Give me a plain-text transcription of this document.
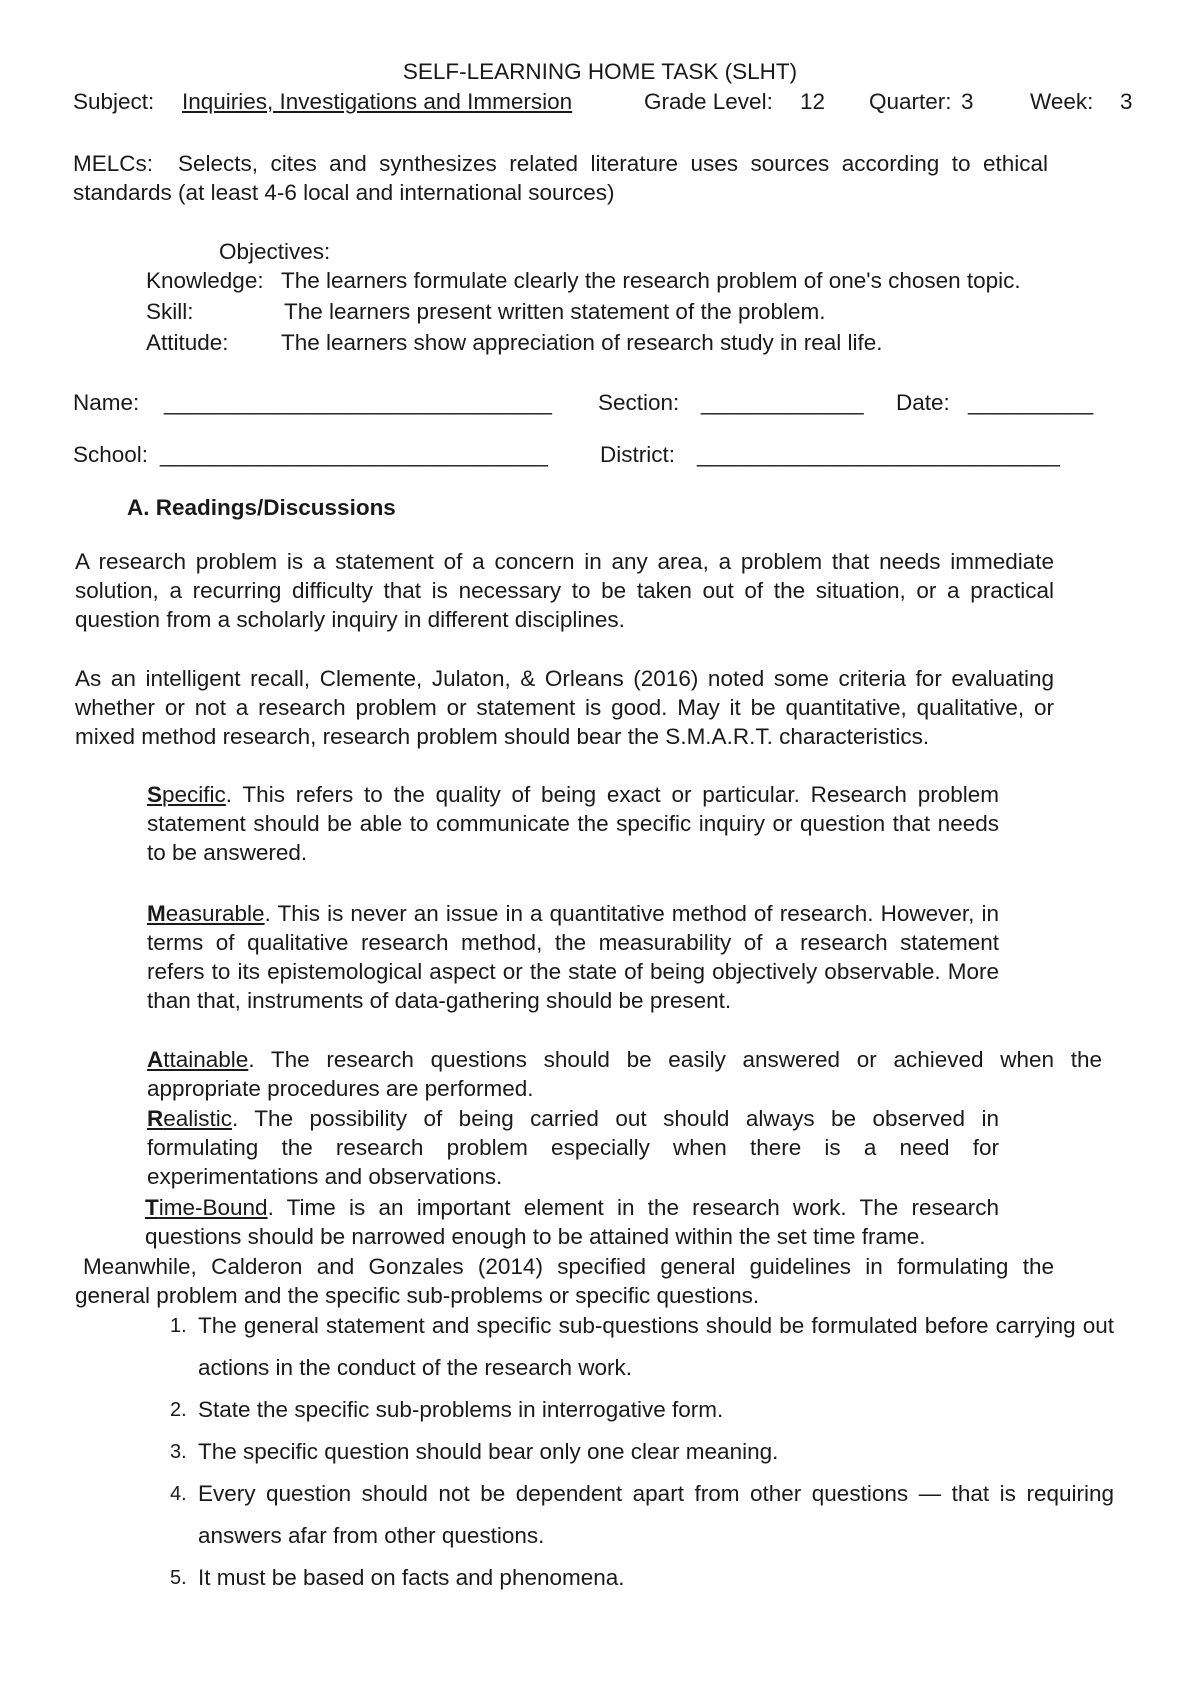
SELF-LEARNING HOME TASK (SLHT)
Subject: Inquiries, Investigations and Immersion	Grade Level: 12 Quarter: 3	Week: 3
MELCs: Selects, cites and synthesizes related literature uses sources according to ethical standards (at least 4-6 local and international sources)
Objectives:
Knowledge: The learners formulate clearly the research problem of one's chosen topic.
Skill:	The learners present written statement of the problem.
Attitude: The learners show appreciation of research study in real life.
Name: _______________________________ Section: _____________ Date: __________
School: _______________________________ District: _____________________________
A. Readings/Discussions
A research problem is a statement of a concern in any area, a problem that needs immediate solution, a recurring difficulty that is necessary to be taken out of the situation, or a practical question from a scholarly inquiry in different disciplines.
As an intelligent recall, Clemente, Julaton, & Orleans (2016) noted some criteria for evaluating whether or not a research problem or statement is good. May it be quantitative, qualitative, or mixed method research, research problem should bear the S.M.A.R.T. characteristics.
Specific. This refers to the quality of being exact or particular. Research problem statement should be able to communicate the specific inquiry or question that needs to be answered.
Measurable. This is never an issue in a quantitative method of research. However, in terms of qualitative research method, the measurability of a research statement refers to its epistemological aspect or the state of being objectively observable. More than that, instruments of data-gathering should be present.
Attainable. The research questions should be easily answered or achieved when the appropriate procedures are performed.
Realistic. The possibility of being carried out should always be observed in formulating the research problem especially when there is a need for experimentations and observations.
Time-Bound. Time is an important element in the research work. The research questions should be narrowed enough to be attained within the set time frame.
Meanwhile, Calderon and Gonzales (2014) specified general guidelines in formulating the general problem and the specific sub-problems or specific questions.
1. The general statement and specific sub-questions should be formulated before carrying out actions in the conduct of the research work.
2. State the specific sub-problems in interrogative form.
3. The specific question should bear only one clear meaning.
4. Every question should not be dependent apart from other questions — that is requiring answers afar from other questions.
5. It must be based on facts and phenomena.
